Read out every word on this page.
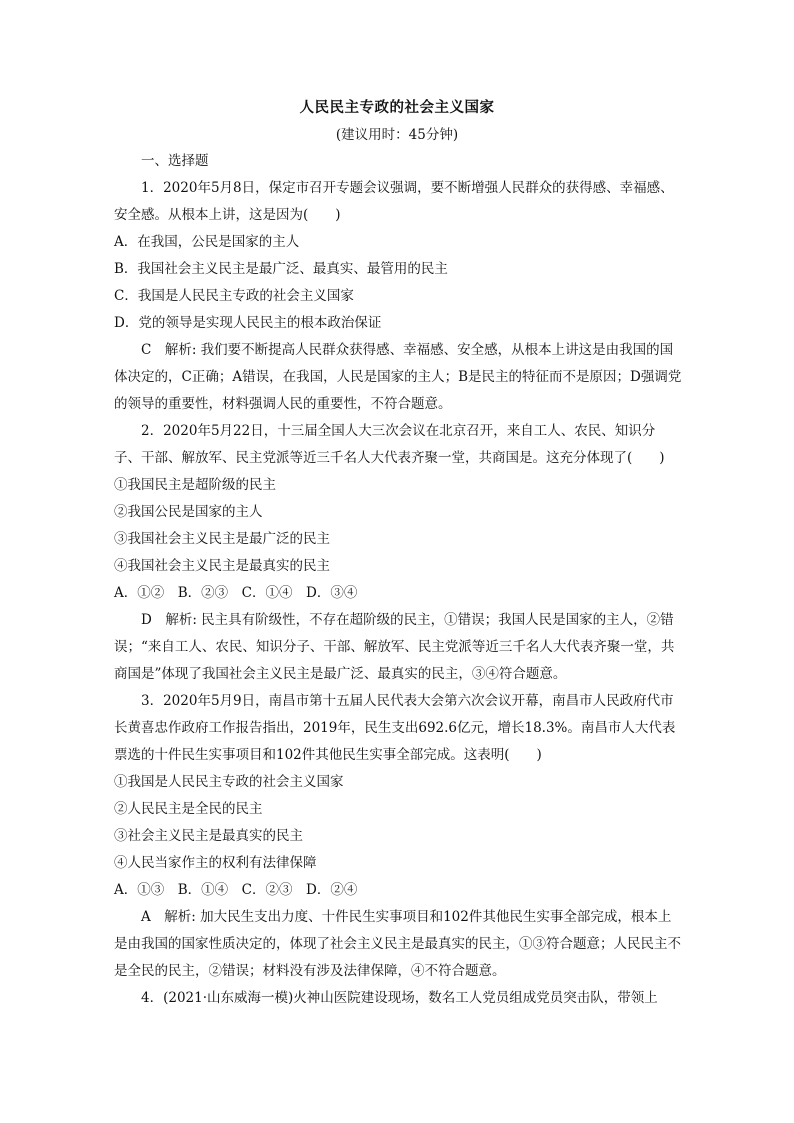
人民民主专政的社会主义国家
(建议用时：45分钟)

一、选择题

1．2020年5月8日，保定市召开专题会议强调，要不断增强人民群众的获得感、幸福感、安全感。从根本上讲，这是因为(　　)

A．在我国，公民是国家的主人

B．我国社会主义民主是最广泛、最真实、最管用的民主

C．我国是人民民主专政的社会主义国家

D．党的领导是实现人民民主的根本政治保证

C　解析: 我们要不断提高人民群众获得感、幸福感、安全感，从根本上讲这是由我国的国体决定的，C正确；A错误，在我国，人民是国家的主人；B是民主的特征而不是原因；D强调党的领导的重要性，材料强调人民的重要性，不符合题意。

2．2020年5月22日，十三届全国人大三次会议在北京召开，来自工人、农民、知识分子、干部、解放军、民主党派等近三千名人大代表齐聚一堂，共商国是。这充分体现了(　　)

①我国民主是超阶级的民主

②我国公民是国家的主人

③我国社会主义民主是最广泛的民主

④我国社会主义民主是最真实的民主

A．①②　B．②③　C．①④　D．③④

D　解析: 民主具有阶级性，不存在超阶级的民主，①错误；我国人民是国家的主人，②错误；“来自工人、农民、知识分子、干部、解放军、民主党派等近三千名人大代表齐聚一堂，共商国是”体现了我国社会主义民主是最广泛、最真实的民主，③④符合题意。

3．2020年5月9日，南昌市第十五届人民代表大会第六次会议开幕，南昌市人民政府代市长黄喜忠作政府工作报告指出，2019年，民生支出692.6亿元，增长18.3%。南昌市人大代表票选的十件民生实事项目和102件其他民生实事全部完成。这表明(　　)

①我国是人民民主专政的社会主义国家

②人民民主是全民的民主

③社会主义民主是最真实的民主

④人民当家作主的权利有法律保障

A．①③　B．①④　C．②③　D．②④

A　解析: 加大民生支出力度、十件民生实事项目和102件其他民生实事全部完成，根本上是由我国的国家性质决定的，体现了社会主义民主是最真实的民主，①③符合题意；人民民主不是全民的民主，②错误；材料没有涉及法律保障，④不符合题意。

4．(2021·山东威海一模)火神山医院建设现场，数名工人党员组成党员突击队，带领上
